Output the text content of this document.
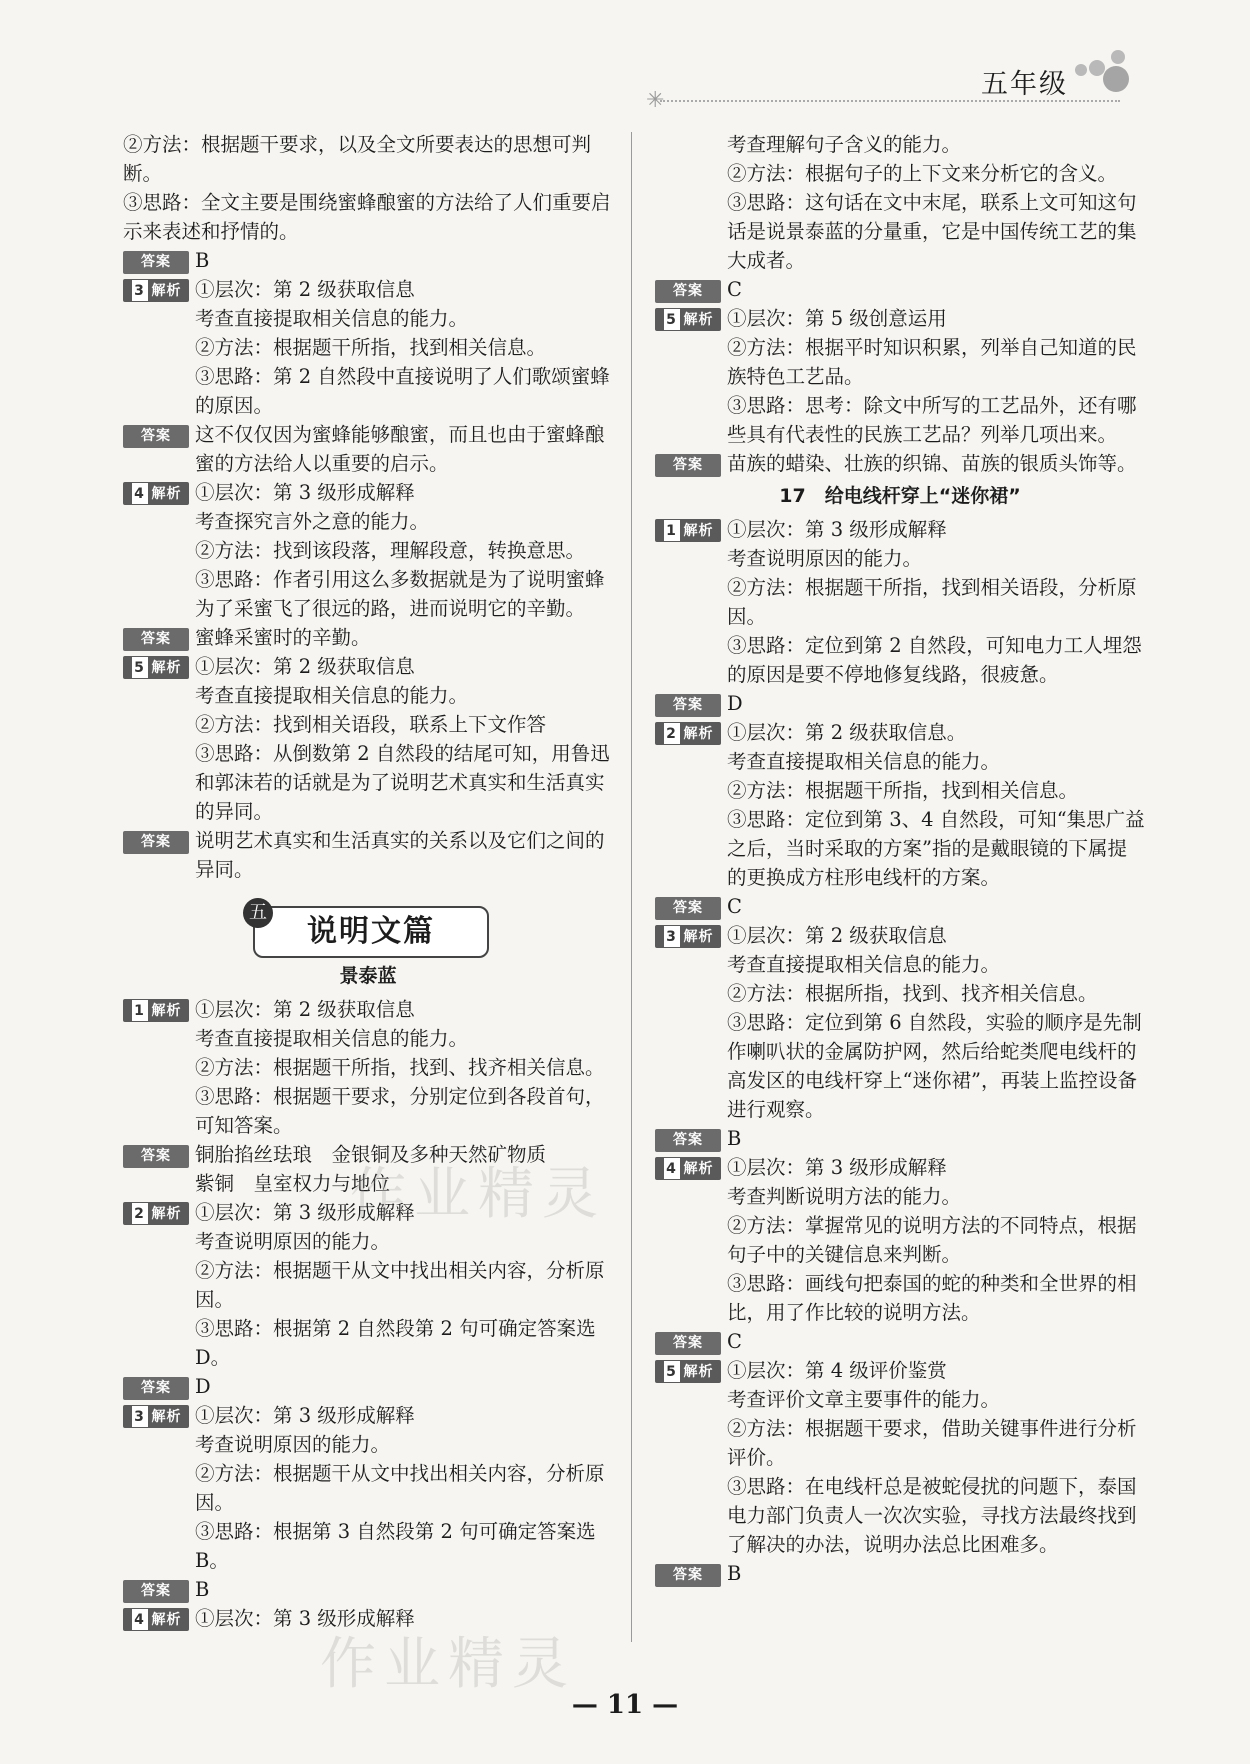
五年级
✳

②方法：根据题干要求，以及全文所要表达的思想可判断。

③思路：全文主要是围绕蜜蜂酿蜜的方法给了人们重要启示来表述和抒情的。

答案 B

3 解析 ①层次：第 2 级获取信息

考查直接提取相关信息的能力。

②方法：根据题干所指，找到相关信息。

③思路：第 2 自然段中直接说明了人们歌颂蜜蜂的原因。

答案 这不仅仅因为蜜蜂能够酿蜜，而且也由于蜜蜂酿蜜的方法给人以重要的启示。

4 解析 ①层次：第 3 级形成解释

考查探究言外之意的能力。

②方法：找到该段落，理解段意，转换意思。

③思路：作者引用这么多数据就是为了说明蜜蜂为了采蜜飞了很远的路，进而说明它的辛勤。

答案 蜜蜂采蜜时的辛勤。

5 解析 ①层次：第 2 级获取信息

考查直接提取相关信息的能力。

②方法：找到相关语段，联系上下文作答

③思路：从倒数第 2 自然段的结尾可知，用鲁迅和郭沫若的话就是为了说明艺术真实和生活真实的异同。

答案 说明艺术真实和生活真实的关系以及它们之间的异同。

说明文篇
五

景泰蓝

1 解析 ①层次：第 2 级获取信息

考查直接提取相关信息的能力。

②方法：根据题干所指，找到、找齐相关信息。

③思路：根据题干要求，分别定位到各段首句，可知答案。

答案 铜胎掐丝珐琅　金银铜及多种天然矿物质

紫铜　皇室权力与地位

2 解析 ①层次：第 3 级形成解释

考查说明原因的能力。

②方法：根据题干从文中找出相关内容，分析原因。

③思路：根据第 2 自然段第 2 句可确定答案选 D。

答案 D

3 解析 ①层次：第 3 级形成解释

考查说明原因的能力。

②方法：根据题干从文中找出相关内容，分析原因。

③思路：根据第 3 自然段第 2 句可确定答案选 B。

答案 B

4 解析 ①层次：第 3 级形成解释

考查理解句子含义的能力。

②方法：根据句子的上下文来分析它的含义。

③思路：这句话在文中末尾，联系上文可知这句话是说景泰蓝的分量重，它是中国传统工艺的集大成者。

答案 C

5 解析 ①层次：第 5 级创意运用

②方法：根据平时知识积累，列举自己知道的民族特色工艺品。

③思路：思考：除文中所写的工艺品外，还有哪些具有代表性的民族工艺品？列举几项出来。

答案 苗族的蜡染、壮族的织锦、苗族的银质头饰等。

17　给电线杆穿上“迷你裙”

1 解析 ①层次：第 3 级形成解释

考查说明原因的能力。

②方法：根据题干所指，找到相关语段，分析原因。

③思路：定位到第 2 自然段，可知电力工人埋怨的原因是要不停地修复线路，很疲惫。

答案 D

2 解析 ①层次：第 2 级获取信息。

考查直接提取相关信息的能力。

②方法：根据题干所指，找到相关信息。

③思路：定位到第 3、4 自然段，可知“集思广益之后，当时采取的方案”指的是戴眼镜的下属提的更换成方柱形电线杆的方案。

答案 C

3 解析 ①层次：第 2 级获取信息

考查直接提取相关信息的能力。

②方法：根据所指，找到、找齐相关信息。

③思路：定位到第 6 自然段，实验的顺序是先制作喇叭状的金属防护网，然后给蛇类爬电线杆的高发区的电线杆穿上“迷你裙”，再装上监控设备进行观察。

答案 B

4 解析 ①层次：第 3 级形成解释

考查判断说明方法的能力。

②方法：掌握常见的说明方法的不同特点，根据句子中的关键信息来判断。

③思路：画线句把泰国的蛇的种类和全世界的相比，用了作比较的说明方法。

答案 C

5 解析 ①层次：第 4 级评价鉴赏

考查评价文章主要事件的能力。

②方法：根据题干要求，借助关键事件进行分析评价。

③思路：在电线杆总是被蛇侵扰的问题下，泰国电力部门负责人一次次实验，寻找方法最终找到了解决的办法，说明办法总比困难多。

答案 B

作业精灵
作业精灵
— 11 —
